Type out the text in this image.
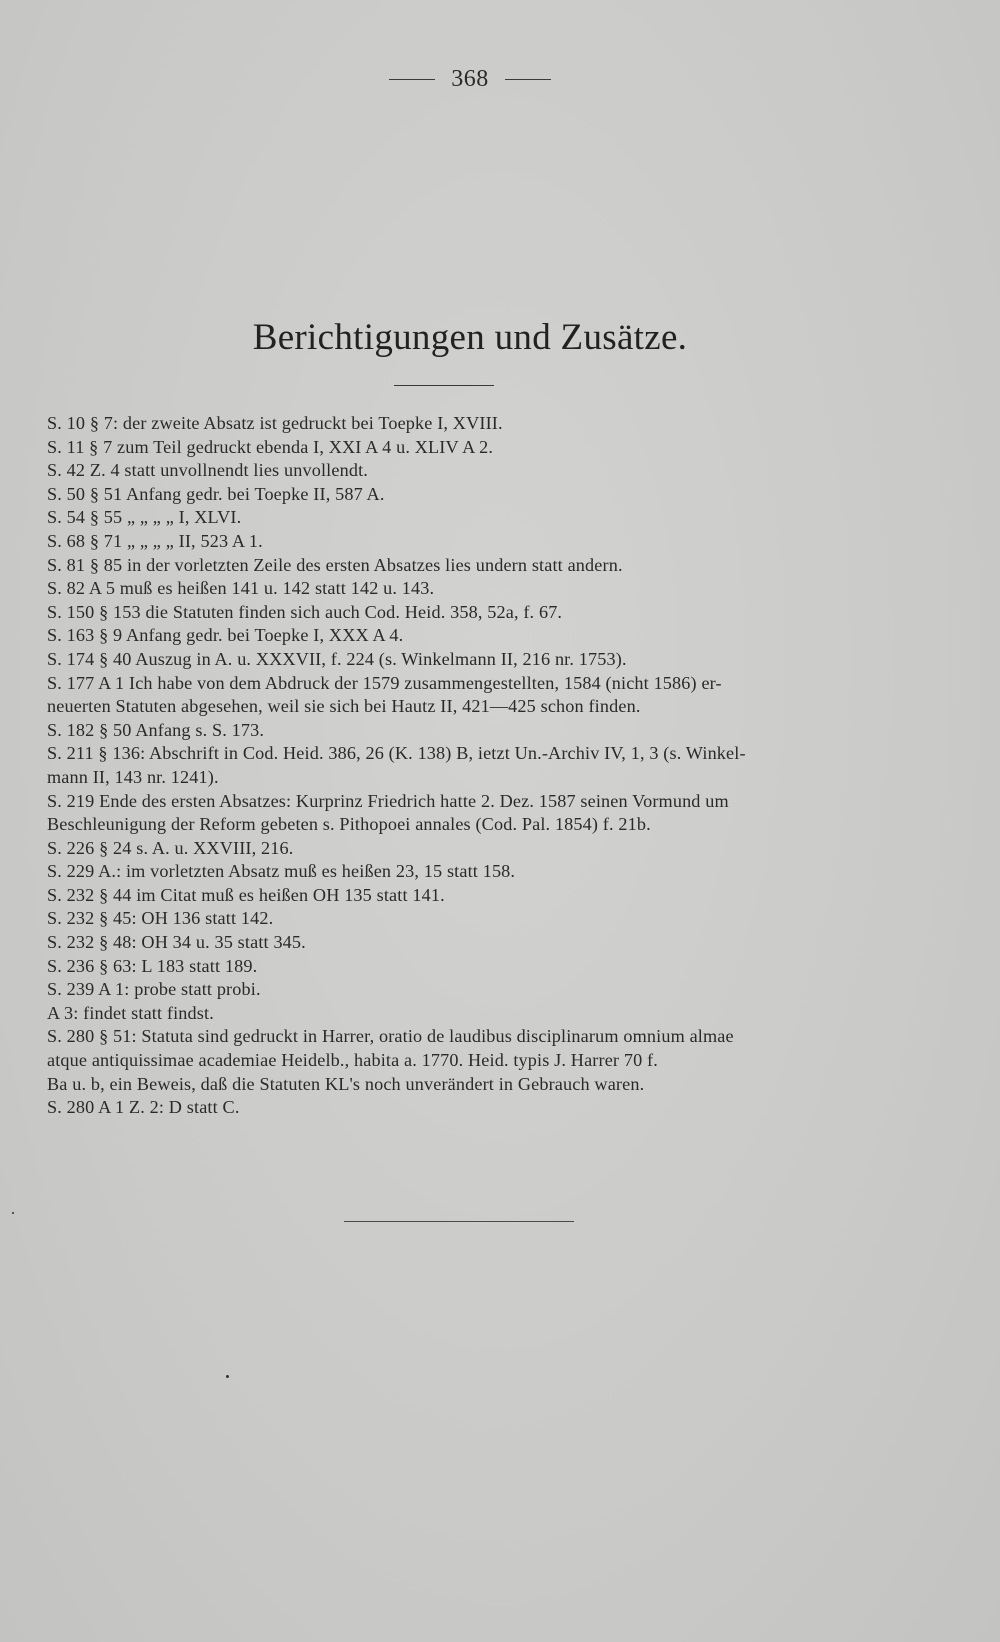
368
Berichtigungen und Zusätze.
S. 10 § 7: der zweite Absatz ist gedruckt bei Toepke I, XVIII.
S. 11 § 7 zum Teil gedruckt ebenda I, XXI A 4 u. XLIV A 2.
S. 42 Z. 4 statt unvollnendt lies unvollendt.
S. 50 § 51 Anfang gedr. bei Toepke II, 587 A.
S. 54 § 55 „ „ „ „ I, XLVI.
S. 68 § 71 „ „ „ „ II, 523 A 1.
S. 81 § 85 in der vorletzten Zeile des ersten Absatzes lies undern statt andern.
S. 82 A 5 muß es heißen 141 u. 142 statt 142 u. 143.
S. 150 § 153 die Statuten finden sich auch Cod. Heid. 358, 52a, f. 67.
S. 163 § 9 Anfang gedr. bei Toepke I, XXX A 4.
S. 174 § 40 Auszug in A. u. XXXVII, f. 224 (s. Winkelmann II, 216 nr. 1753).
S. 177 A 1 Ich habe von dem Abdruck der 1579 zusammengestellten, 1584 (nicht 1586) er-
neuerten Statuten abgesehen, weil sie sich bei Hautz II, 421—425 schon finden.
S. 182 § 50 Anfang s. S. 173.
S. 211 § 136: Abschrift in Cod. Heid. 386, 26 (K. 138) B, ietzt Un.-Archiv IV, 1, 3 (s. Winkel-
mann II, 143 nr. 1241).
S. 219 Ende des ersten Absatzes: Kurprinz Friedrich hatte 2. Dez. 1587 seinen Vormund um
Beschleunigung der Reform gebeten s. Pithopoei annales (Cod. Pal. 1854) f. 21b.
S. 226 § 24 s. A. u. XXVIII, 216.
S. 229 A.: im vorletzten Absatz muß es heißen 23, 15 statt 158.
S. 232 § 44 im Citat muß es heißen OH 135 statt 141.
S. 232 § 45: OH 136 statt 142.
S. 232 § 48: OH 34 u. 35 statt 345.
S. 236 § 63: L 183 statt 189.
S. 239 A 1: probe statt probi.
A 3: findet statt findst.
S. 280 § 51: Statuta sind gedruckt in Harrer, oratio de laudibus disciplinarum omnium almae
atque antiquissimae academiae Heidelb., habita a. 1770. Heid. typis J. Harrer 70 f.
Ba u. b, ein Beweis, daß die Statuten KL's noch unverändert in Gebrauch waren.
S. 280 A 1 Z. 2: D statt C.
